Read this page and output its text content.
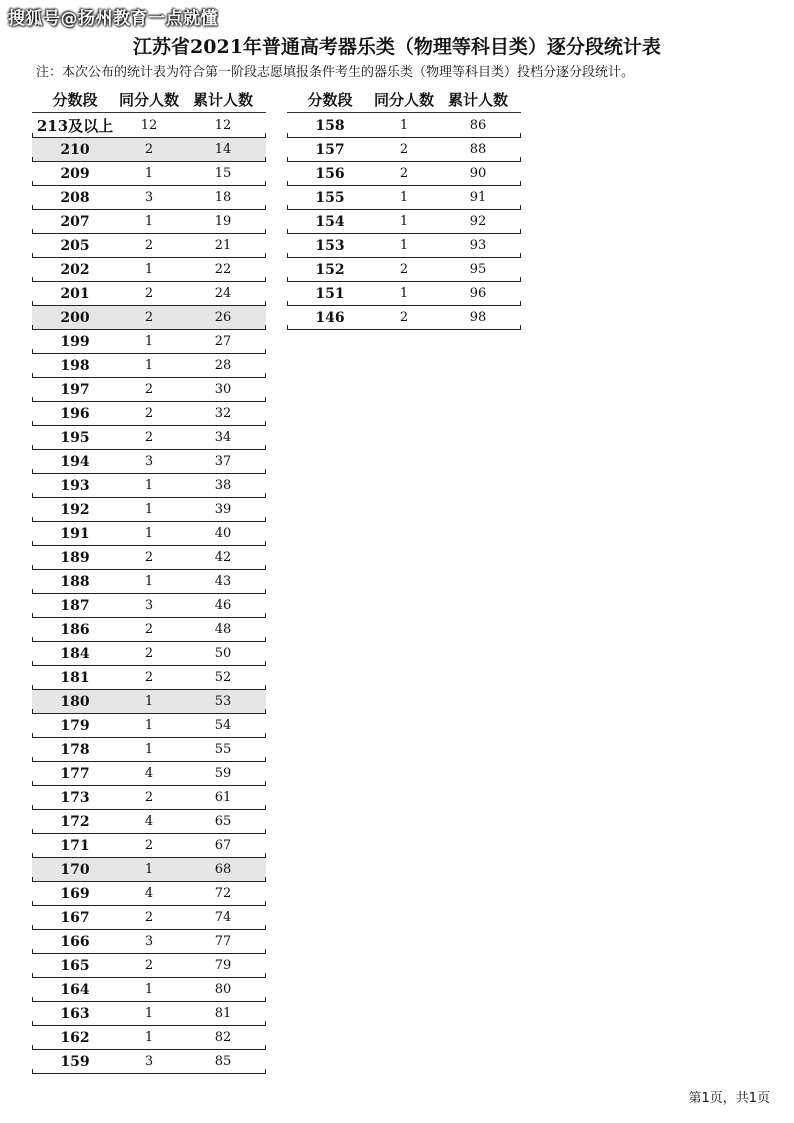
搜狐号@扬州教育一点就懂
江苏省2021年普通高考器乐类（物理等科目类）逐分段统计表
注：本次公布的统计表为符合第一阶段志愿填报条件考生的器乐类（物理等科目类）投档分逐分段统计。
分数段	同分人数 累计人数
213及以上	12	12
210	2	14
209	1	15
208	3	18
207	1	19
205	2	21
202	1	22
201	2	24
200	2	26
199	1	27
198	1	28
197	2	30
196	2	32
195	2	34
194	3	37
193	1	38
192	1	39
191	1	40
189	2	42
188	1	43
187	3	46
186	2	48
184	2	50
181	2	52
180	1	53
179	1	54
178	1	55
177	4	59
173	2	61
172	4	65
171	2	67
170	1	68
169	4	72
167	2	74
166	3	77
165	2	79
164	1	80
163	1	81
162	1	82
159	3	85
分数段	同分人数 累计人数
158	1	86
157	2	88
156	2	90
155	1	91
154	1	92
153	1	93
152	2	95
151	1	96
146	2	98
第1页，共1页
